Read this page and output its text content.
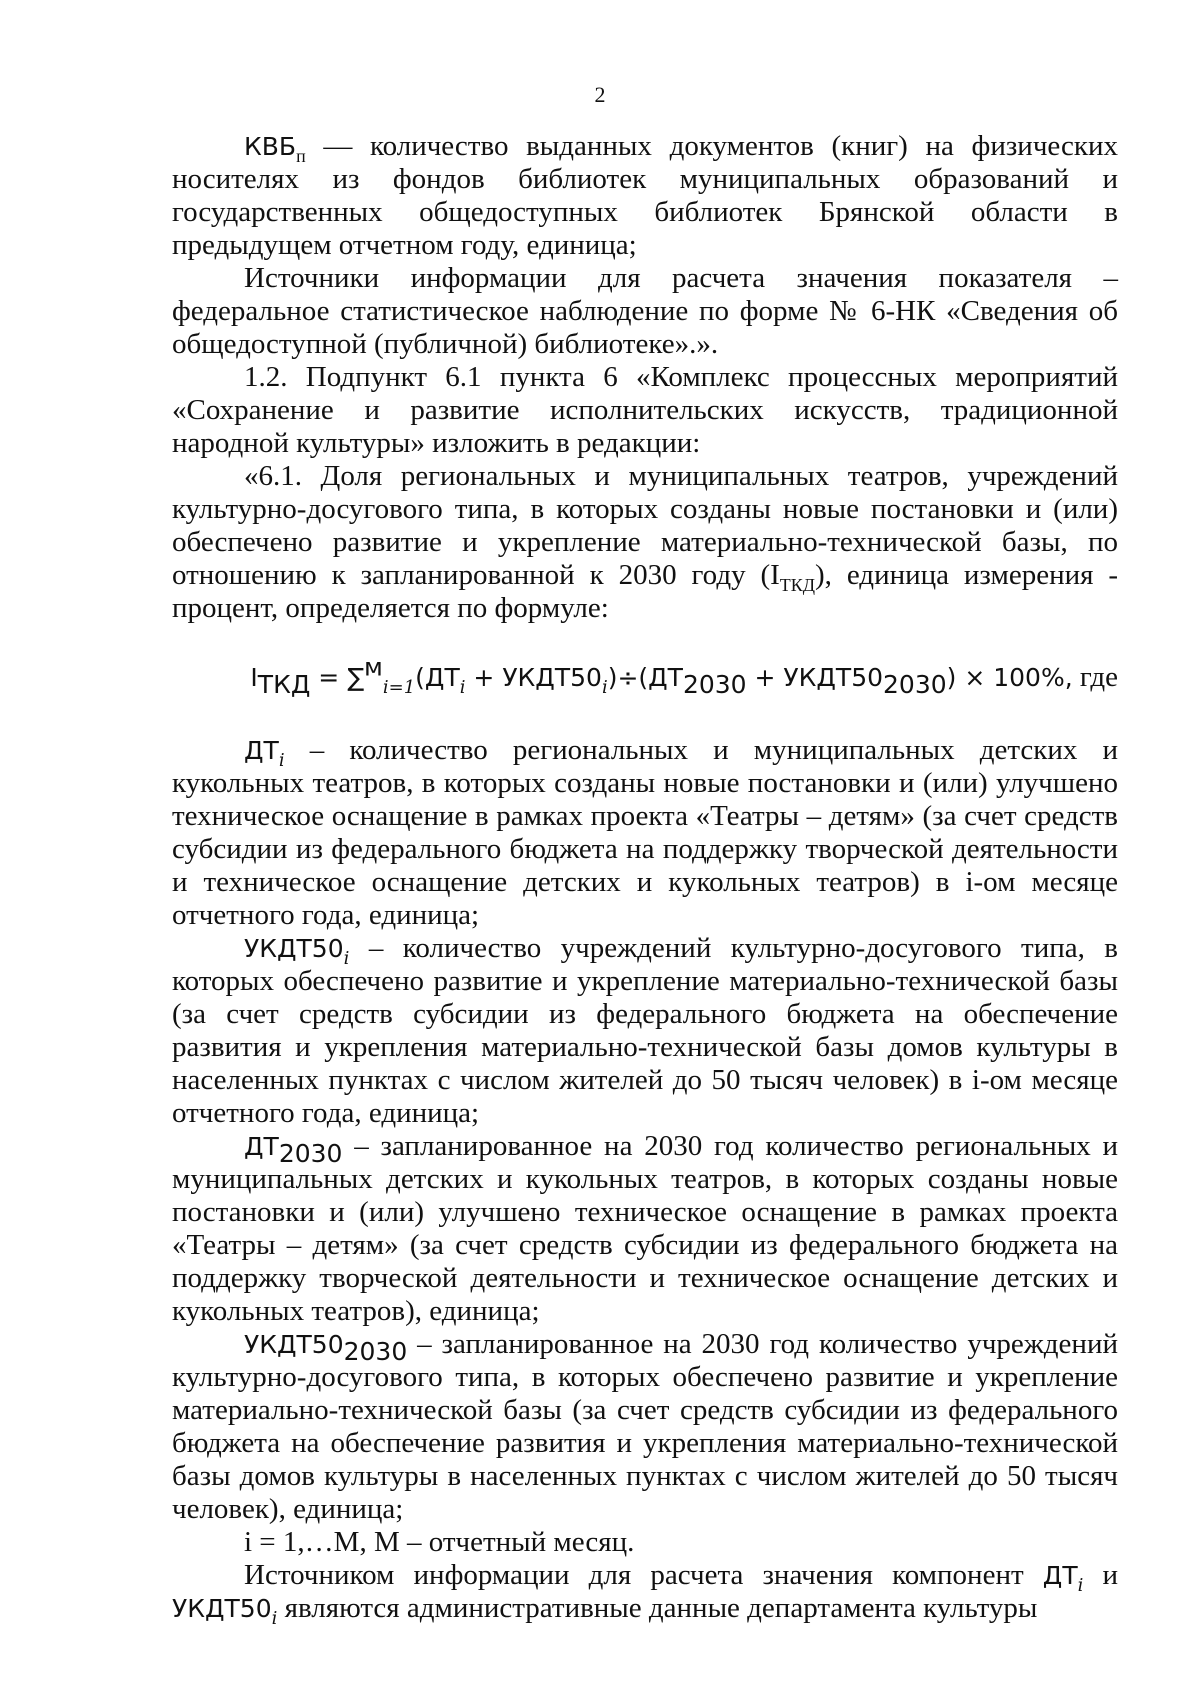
2

$КВБ_п$ — количество выданных документов (книг) на физических носителях из фондов библиотек муниципальных образований и государственных общедоступных библиотек Брянской области в предыдущем отчетном году, единица;

Источники информации для расчета значения показателя – федеральное статистическое наблюдение по форме № 6-НК «Сведения об общедоступной (публичной) библиотеке».».

1.2. Подпункт 6.1 пункта 6 «Комплекс процессных мероприятий «Сохранение и развитие исполнительских искусств, традиционной народной культуры» изложить в редакции:

«6.1. Доля региональных и муниципальных театров, учреждений культурно-досугового типа, в которых созданы новые постановки и (или) обеспечено развитие и укрепление материально-технической базы, по отношению к запланированной к 2030 году $(I_{ТКД})$, единица измерения - процент, определяется по формуле:

$I_{ТКД} = \sum^м_{i=1}(ДТ_i$ + $УКДТ50_i)\div(ДТ_{2030}$ + $УКДТ50_{2030}) \times 100\%$, где

$ДТ_i$ – количество региональных и муниципальных детских и кукольных театров, в которых созданы новые постановки и (или) улучшено техническое оснащение в рамках проекта «Театры – детям» (за счет средств субсидии из федерального бюджета на поддержку творческой деятельности и техническое оснащение детских и кукольных театров) в i-ом месяце отчетного года, единица;

$УКДТ50_i$ – количество учреждений культурно-досугового типа, в которых обеспечено развитие и укрепление материально-технической базы (за счет средств субсидии из федерального бюджета на обеспечение развития и укрепления материально-технической базы домов культуры в населенных пунктах с числом жителей до 50 тысяч человек) в i-ом месяце отчетного года, единица;

$ДТ_{2030}$ – запланированное на 2030 год количество региональных и муниципальных детских и кукольных театров, в которых созданы новые постановки и (или) улучшено техническое оснащение в рамках проекта «Театры – детям» (за счет средств субсидии из федерального бюджета на поддержку творческой деятельности и техническое оснащение детских и кукольных театров), единица;

$УКДТ50_{2030}$ – запланированное на 2030 год количество учреждений культурно-досугового типа, в которых обеспечено развитие и укрепление материально-технической базы (за счет средств субсидии из федерального бюджета на обеспечение развития и укрепления материально-технической базы домов культуры в населенных пунктах с числом жителей до 50 тысяч человек), единица;

i = 1,…М, М – отчетный месяц.

Источником информации для расчета значения компонент $ДТ_i$ и $УКДТ50_i$ являются административные данные департамента культуры
